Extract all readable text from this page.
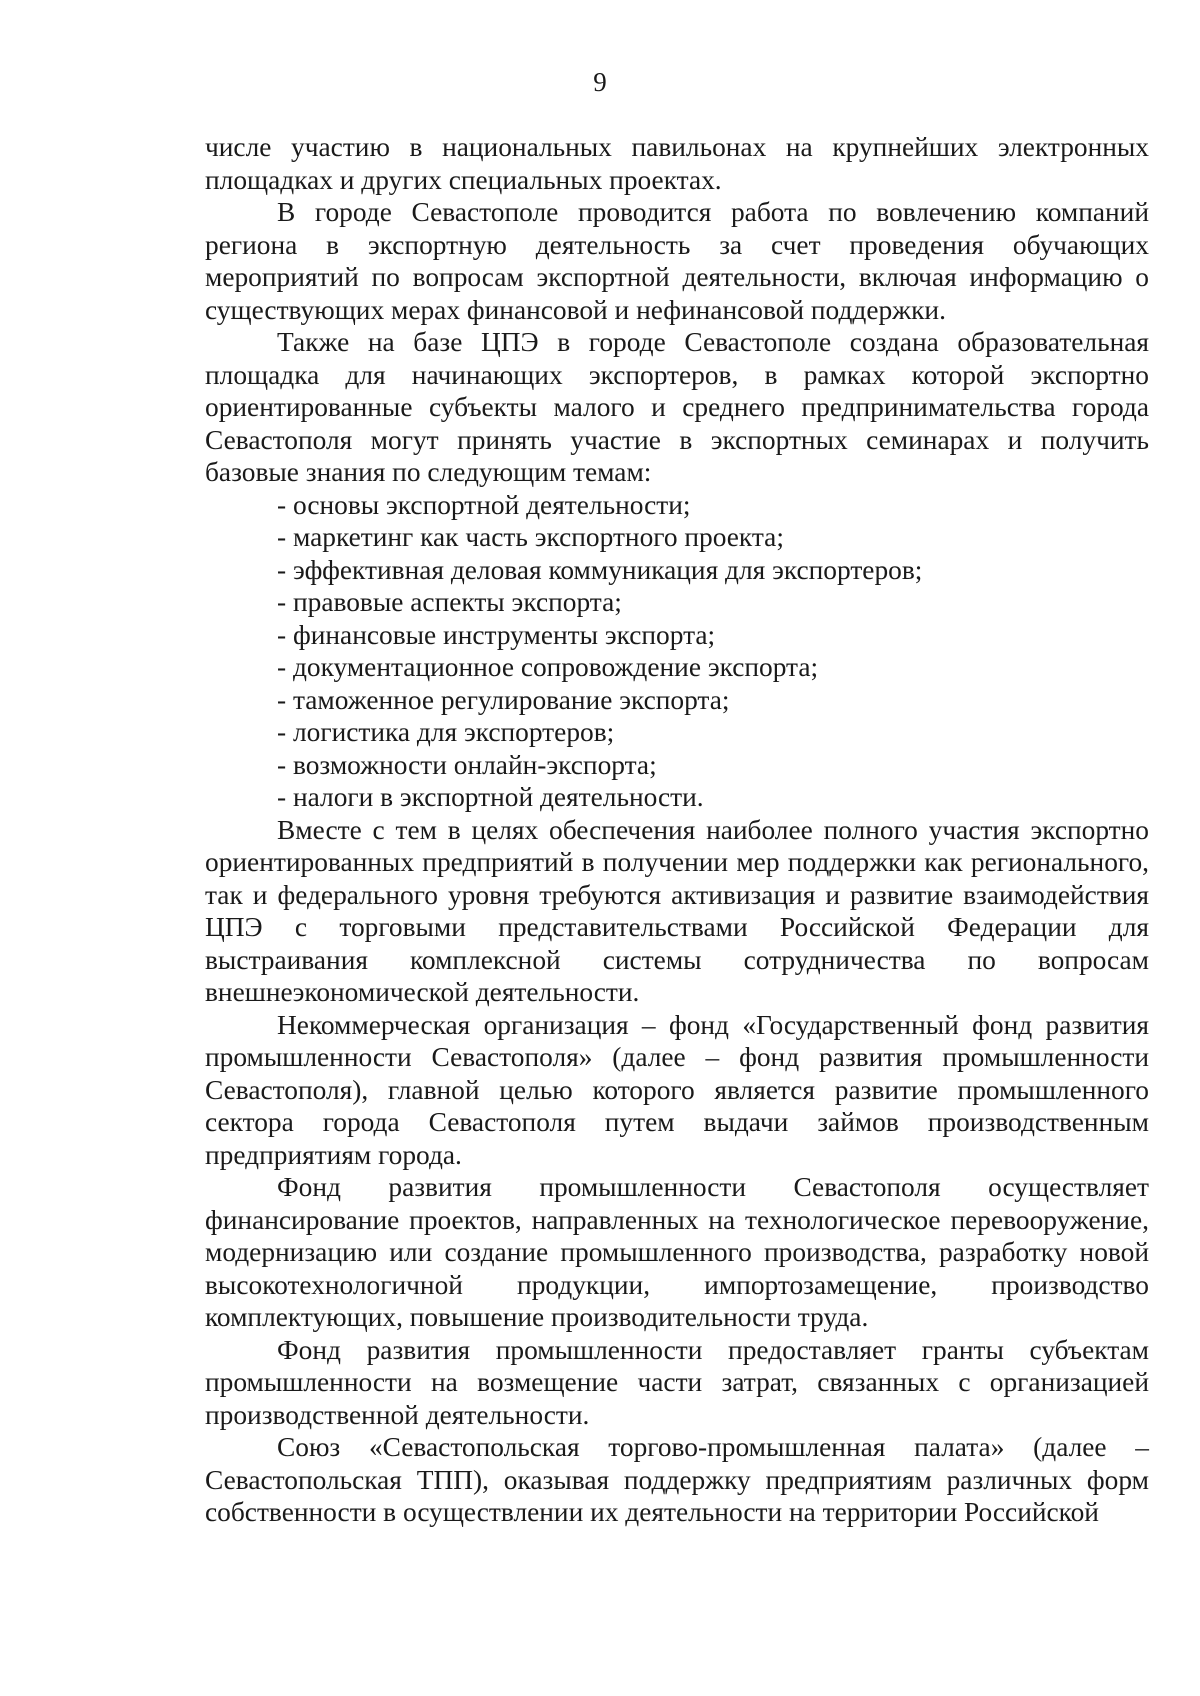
9

числе участию в национальных павильонах на крупнейших электронных площадках и других специальных проектах.

В городе Севастополе проводится работа по вовлечению компаний региона в экспортную деятельность за счет проведения обучающих мероприятий по вопросам экспортной деятельности, включая информацию о существующих мерах финансовой и нефинансовой поддержки.

Также на базе ЦПЭ в городе Севастополе создана образовательная площадка для начинающих экспортеров, в рамках которой экспортно ориентированные субъекты малого и среднего предпринимательства города Севастополя могут принять участие в экспортных семинарах и получить базовые знания по следующим темам:

- основы экспортной деятельности;
- маркетинг как часть экспортного проекта;
- эффективная деловая коммуникация для экспортеров;
- правовые аспекты экспорта;
- финансовые инструменты экспорта;
- документационное сопровождение экспорта;
- таможенное регулирование экспорта;
- логистика для экспортеров;
- возможности онлайн-экспорта;
- налоги в экспортной деятельности.

Вместе с тем в целях обеспечения наиболее полного участия экспортно ориентированных предприятий в получении мер поддержки как регионального, так и федерального уровня требуются активизация и развитие взаимодействия ЦПЭ с торговыми представительствами Российской Федерации для выстраивания комплексной системы сотрудничества по вопросам внешнеэкономической деятельности.

Некоммерческая организация – фонд «Государственный фонд развития промышленности Севастополя» (далее – фонд развития промышленности Севастополя), главной целью которого является развитие промышленного сектора города Севастополя путем выдачи займов производственным предприятиям города.

Фонд развития промышленности Севастополя осуществляет финансирование проектов, направленных на технологическое перевооружение, модернизацию или создание промышленного производства, разработку новой высокотехнологичной продукции, импортозамещение, производство комплектующих, повышение производительности труда.

Фонд развития промышленности предоставляет гранты субъектам промышленности на возмещение части затрат, связанных с организацией производственной деятельности.

Союз «Севастопольская торгово-промышленная палата» (далее – Севастопольская ТПП), оказывая поддержку предприятиям различных форм собственности в осуществлении их деятельности на территории Российской
